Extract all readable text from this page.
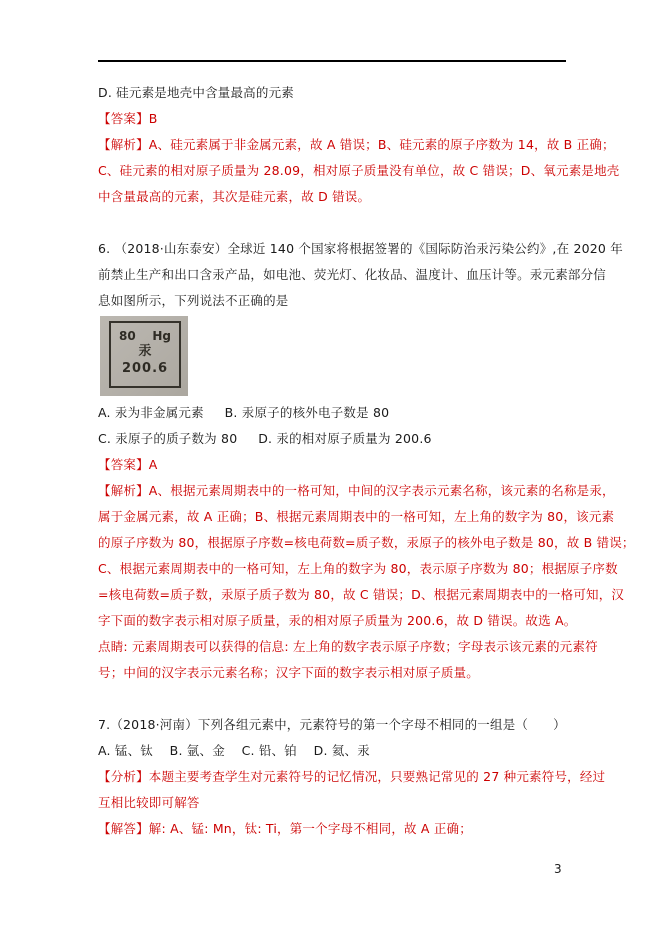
D. 硅元素是地壳中含量最高的元素
【答案】B
【解析】A、硅元素属于非金属元素，故 A 错误；B、硅元素的原子序数为 14，故 B 正确；
C、硅元素的相对原子质量为 28.09，相对原子质量没有单位，故 C 错误；D、氧元素是地壳
中含量最高的元素，其次是硅元素，故 D 错误。
6. （2018·山东泰安）全球近 140 个国家将根据签署的《国际防治汞污染公约》,在 2020 年
前禁止生产和出口含汞产品，如电池、荧光灯、化妆品、温度计、血压计等。汞元素部分信
息如图所示，下列说法不正确的是
80 Hg
汞
200.6
A. 汞为非金属元素     B. 汞原子的核外电子数是 80
C. 汞原子的质子数为 80     D. 汞的相对原子质量为 200.6
【答案】A
【解析】A、根据元素周期表中的一格可知，中间的汉字表示元素名称，该元素的名称是汞，
属于金属元素，故 A 正确；B、根据元素周期表中的一格可知，左上角的数字为 80，该元素
的原子序数为 80，根据原子序数=核电荷数=质子数，汞原子的核外电子数是 80，故 B 错误；
C、根据元素周期表中的一格可知，左上角的数字为 80，表示原子序数为 80；根据原子序数
=核电荷数=质子数，汞原子质子数为 80，故 C 错误；D、根据元素周期表中的一格可知，汉
字下面的数字表示相对原子质量，汞的相对原子质量为 200.6，故 D 错误。故选 A。
点睛: 元素周期表可以获得的信息: 左上角的数字表示原子序数；字母表示该元素的元素符
号；中间的汉字表示元素名称；汉字下面的数字表示相对原子质量。
7.（2018·河南）下列各组元素中，元素符号的第一个字母不相同的一组是（      ）
A. 锰、钛    B. 氩、金    C. 铅、铂    D. 氦、汞
【分析】本题主要考查学生对元素符号的记忆情况，只要熟记常见的 27 种元素符号，经过
互相比较即可解答
【解答】解: A、锰: Mn，钛: Ti，第一个字母不相同，故 A 正确；
3
